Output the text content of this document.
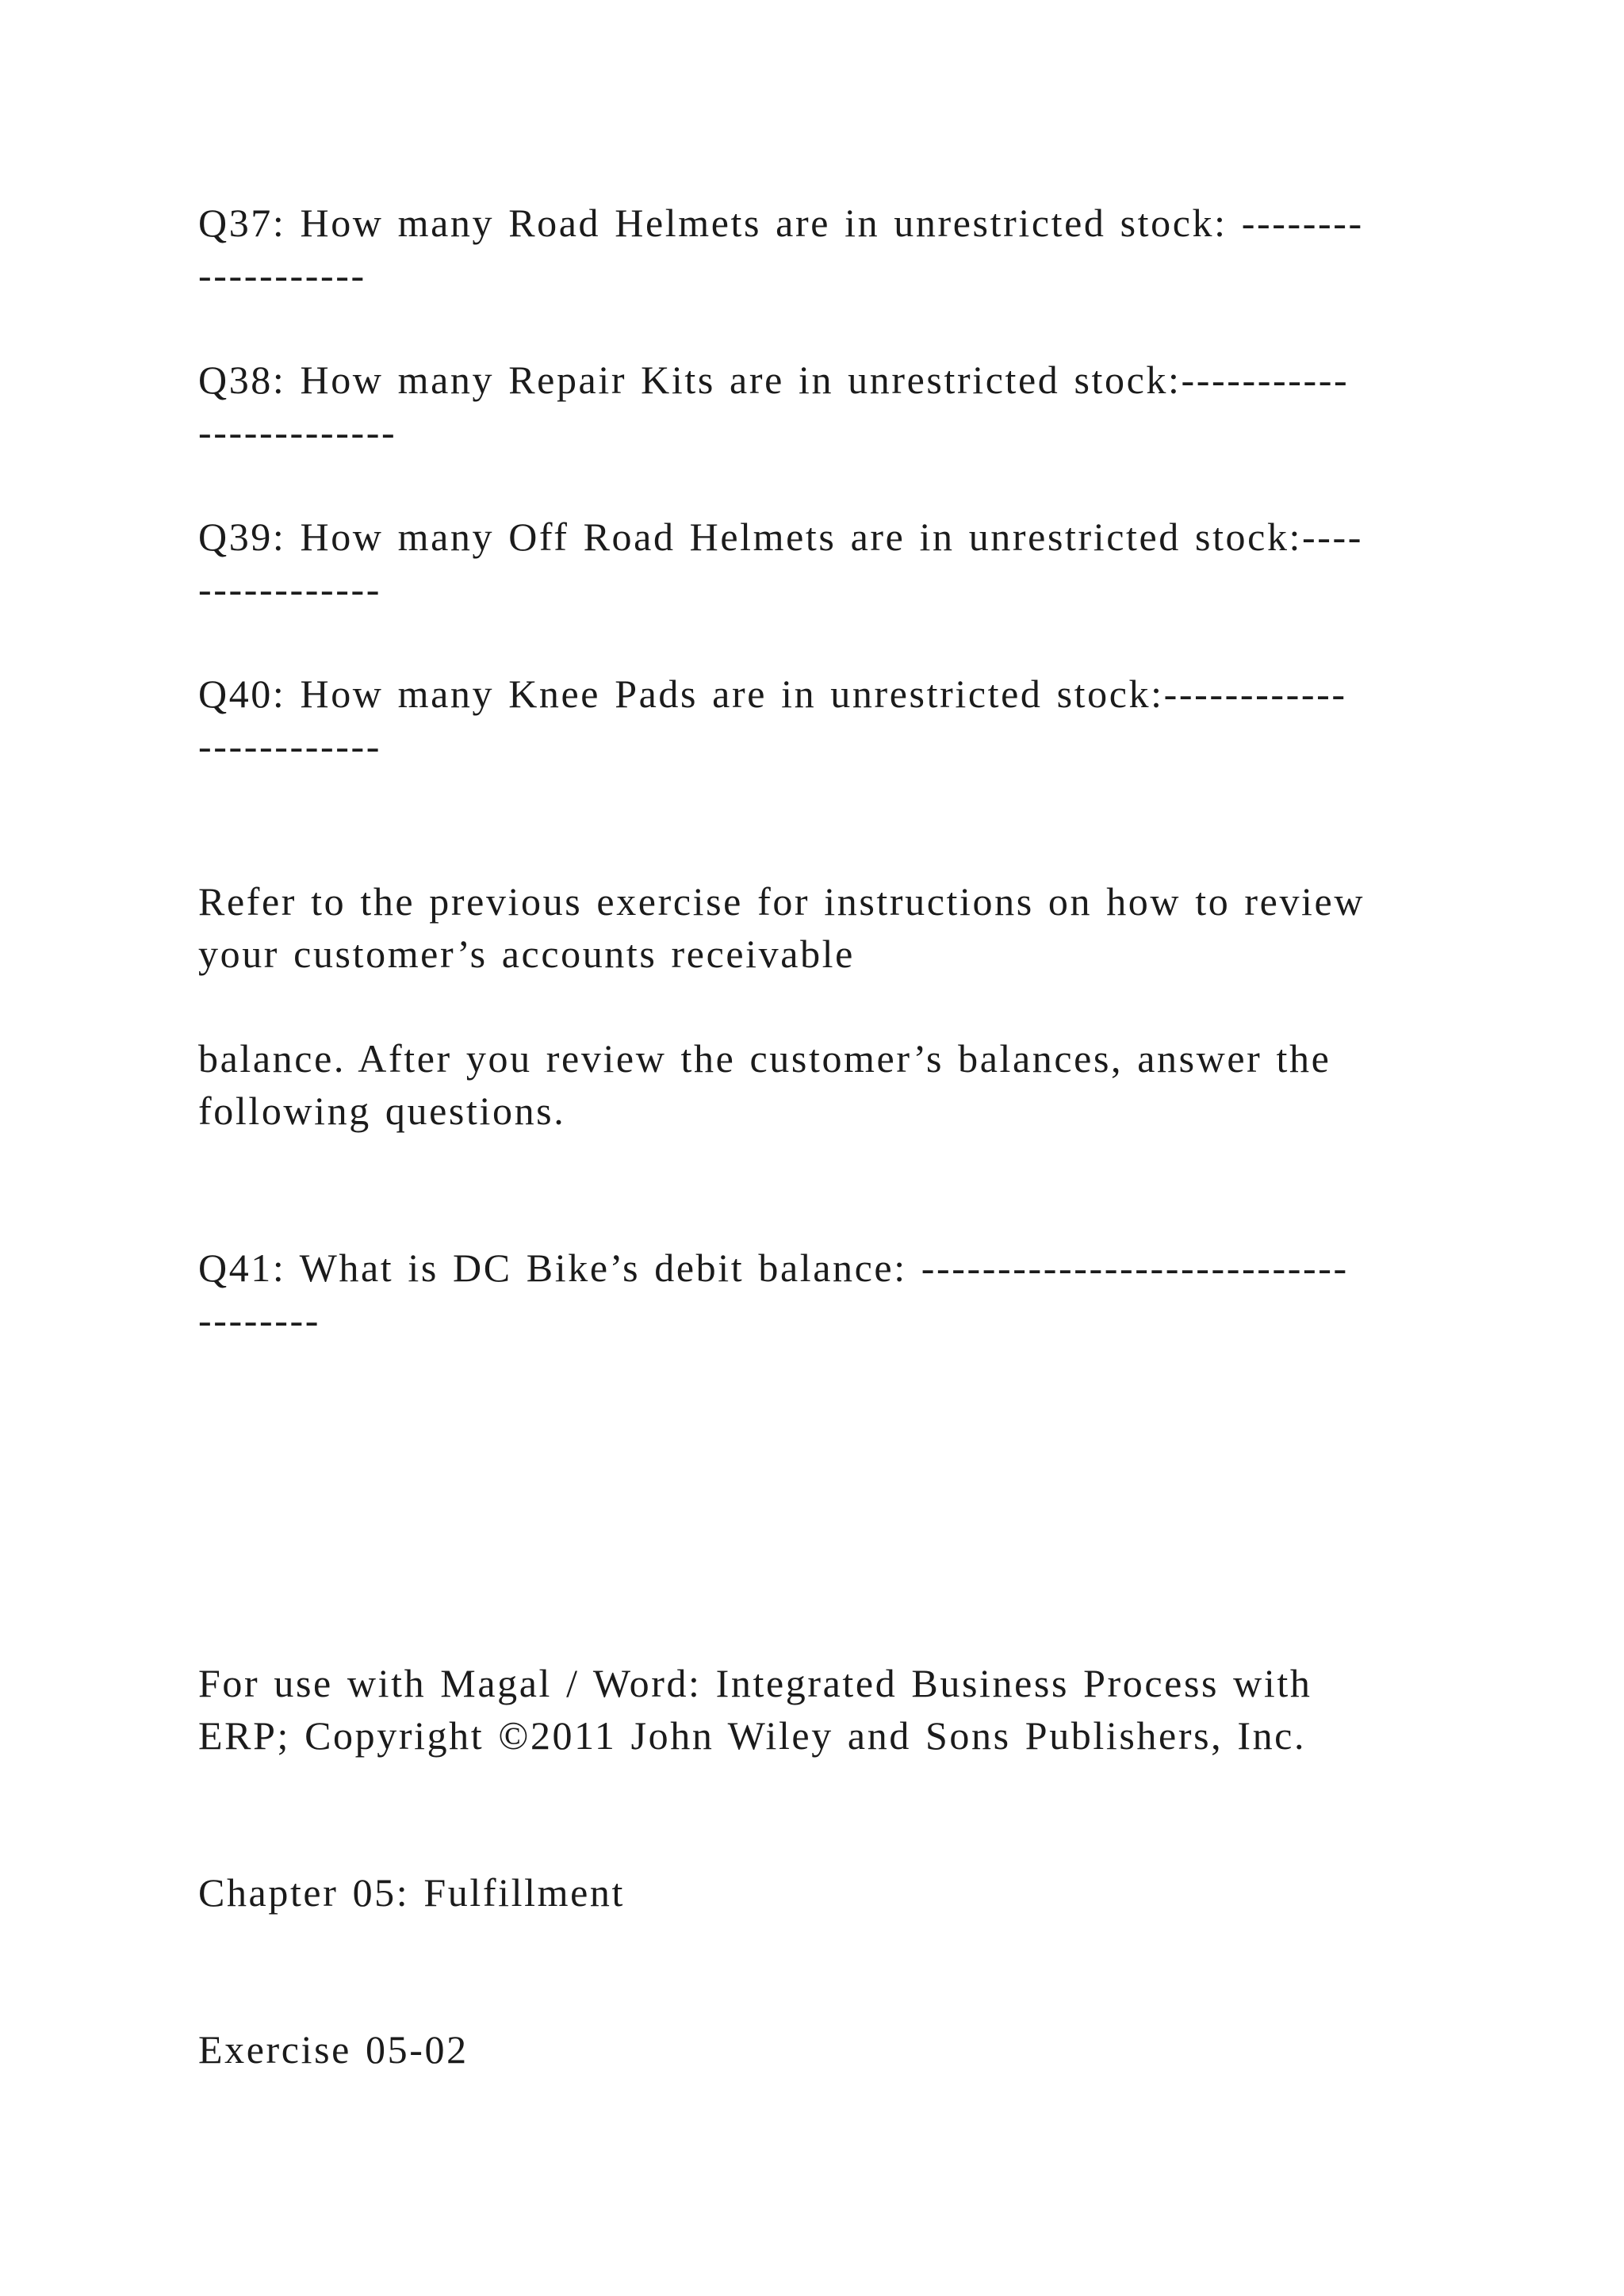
Q37: How many Road Helmets are in unrestricted stock: --------

-----------

Q38: How many Repair Kits are in unrestricted stock:-----------

-------------

Q39: How many Off Road Helmets are in unrestricted stock:----

------------

Q40: How many Knee Pads are in unrestricted stock:------------

------------

Refer to the previous exercise for instructions on how to review

your customer’s accounts receivable

balance. After you review the customer’s balances, answer the

following questions.

Q41: What is DC Bike’s debit balance: ----------------------------

--------

For use with Magal / Word: Integrated Business Process with

ERP; Copyright ©2011 John Wiley and Sons Publishers, Inc.

Chapter 05: Fulfillment

Exercise 05-02
